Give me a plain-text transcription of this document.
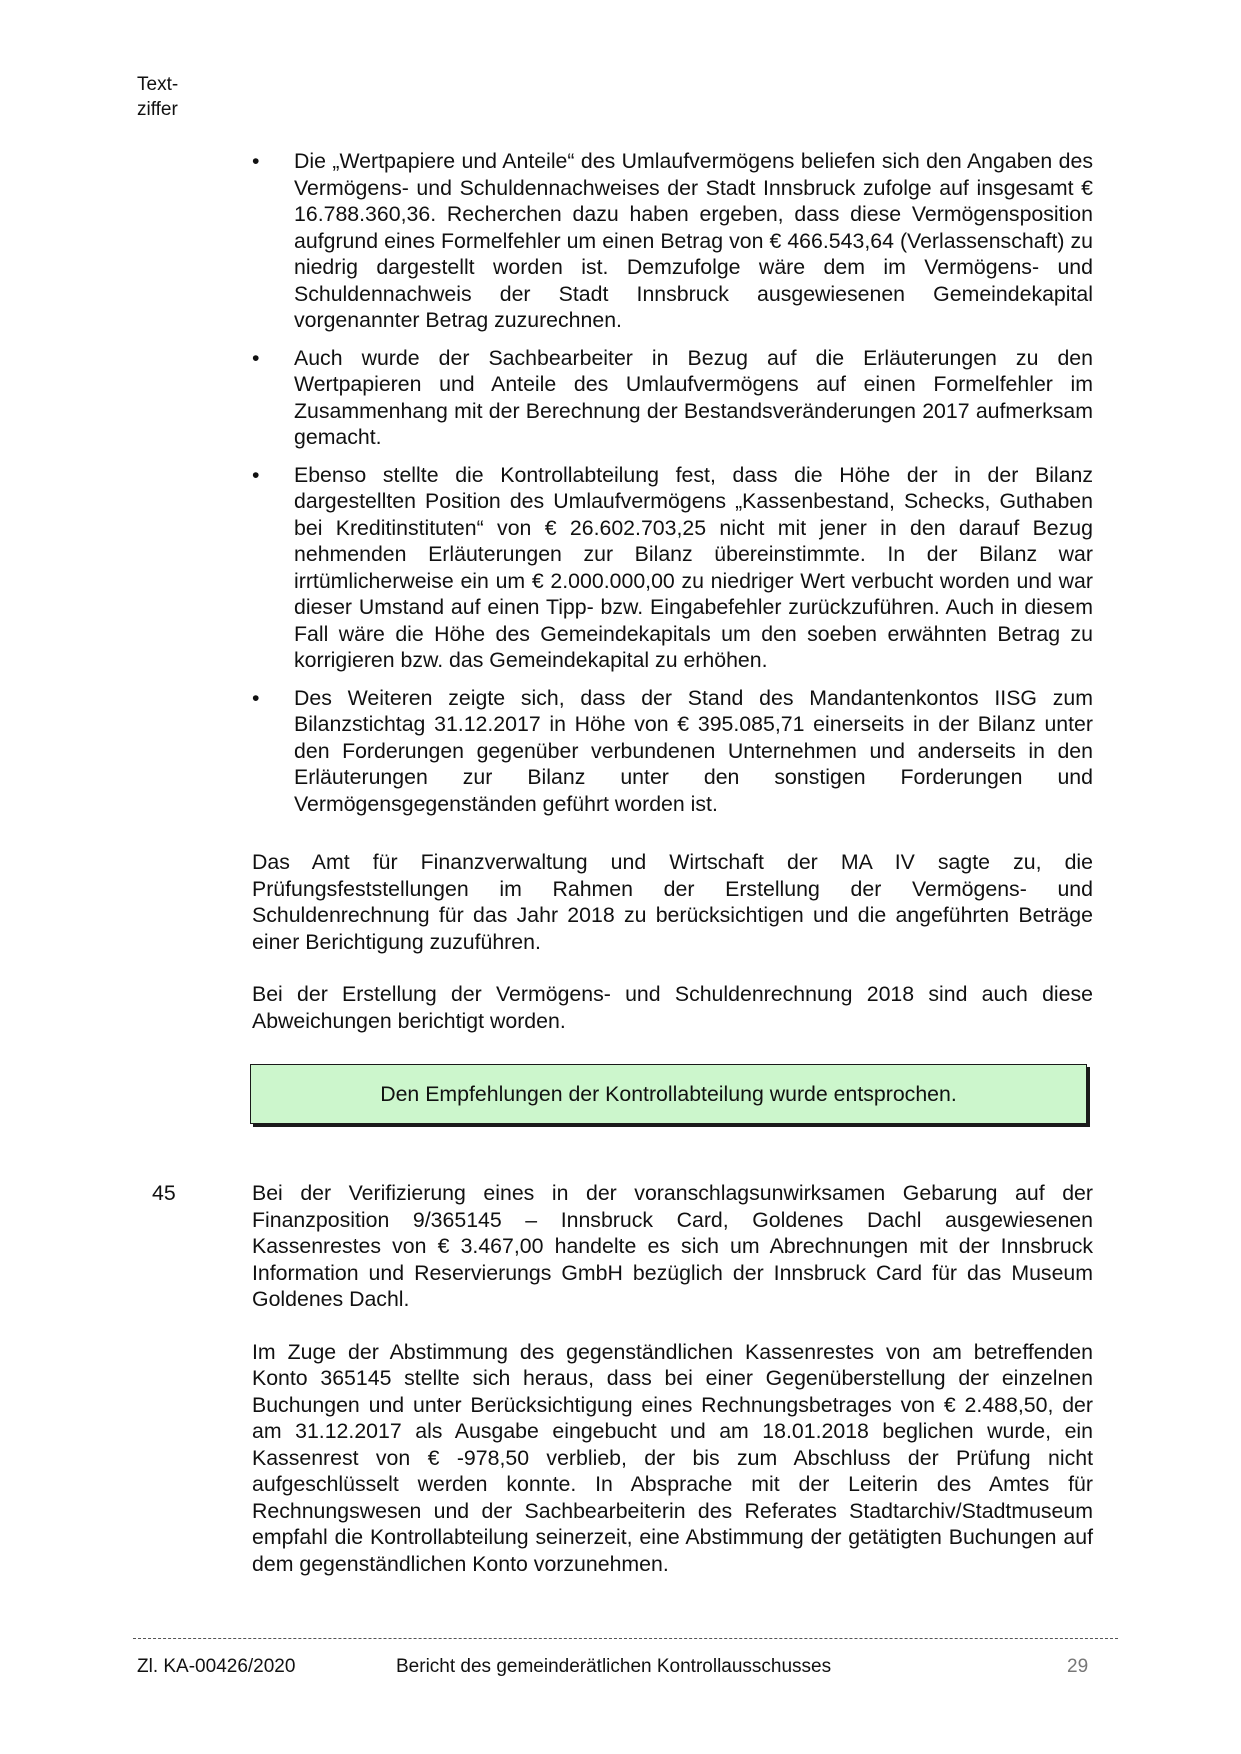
Text-
ziffer
• Die „Wertpapiere und Anteile“ des Umlaufvermögens beliefen sich den Angaben des Vermögens- und Schuldennachweises der Stadt Innsbruck zufolge auf insgesamt € 16.788.360,36. Recherchen dazu haben ergeben, dass diese Vermögensposition aufgrund eines Formelfehler um einen Betrag von € 466.543,64 (Verlassenschaft) zu niedrig dargestellt worden ist. Demzufolge wäre dem im Vermögens- und Schuldennachweis der Stadt Innsbruck ausgewiesenen Gemeindekapital vorgenannter Betrag zuzurechnen.
• Auch wurde der Sachbearbeiter in Bezug auf die Erläuterungen zu den Wertpapieren und Anteile des Umlaufvermögens auf einen Formelfehler im Zusammenhang mit der Berechnung der Bestandsveränderungen 2017 aufmerksam gemacht.
• Ebenso stellte die Kontrollabteilung fest, dass die Höhe der in der Bilanz dargestellten Position des Umlaufvermögens „Kassenbestand, Schecks, Guthaben bei Kreditinstituten“ von € 26.602.703,25 nicht mit jener in den darauf Bezug nehmenden Erläuterungen zur Bilanz übereinstimmte. In der Bilanz war irrtümlicherweise ein um € 2.000.000,00 zu niedriger Wert verbucht worden und war dieser Umstand auf einen Tipp- bzw. Eingabefehler zurückzuführen. Auch in diesem Fall wäre die Höhe des Gemeindekapitals um den soeben erwähnten Betrag zu korrigieren bzw. das Gemeindekapital zu erhöhen.
• Des Weiteren zeigte sich, dass der Stand des Mandantenkontos IISG zum Bilanzstichtag 31.12.2017 in Höhe von € 395.085,71 einerseits in der Bilanz unter den Forderungen gegenüber verbundenen Unternehmen und anderseits in den Erläuterungen zur Bilanz unter den sonstigen Forderungen und Vermögensgegenständen geführt worden ist.

Das Amt für Finanzverwaltung und Wirtschaft der MA IV sagte zu, die Prüfungsfeststellungen im Rahmen der Erstellung der Vermögens- und Schuldenrechnung für das Jahr 2018 zu berücksichtigen und die angeführten Beträge einer Berichtigung zuzuführen.

Bei der Erstellung der Vermögens- und Schuldenrechnung 2018 sind auch diese Abweichungen berichtigt worden.

Den Empfehlungen der Kontrollabteilung wurde entsprochen.
45	Bei der Verifizierung eines in der voranschlagsunwirksamen Gebarung auf der Finanzposition 9/365145 – Innsbruck Card, Goldenes Dachl ausgewiesenen Kassenrestes von € 3.467,00 handelte es sich um Abrechnungen mit der Innsbruck Information und Reservierungs GmbH bezüglich der Innsbruck Card für das Museum Goldenes Dachl.

Im Zuge der Abstimmung des gegenständlichen Kassenrestes von am betreffenden Konto 365145 stellte sich heraus, dass bei einer Gegenüberstellung der einzelnen Buchungen und unter Berücksichtigung eines Rechnungsbetrages von € 2.488,50, der am 31.12.2017 als Ausgabe eingebucht und am 18.01.2018 beglichen wurde, ein Kassenrest von € -978,50 verblieb, der bis zum Abschluss der Prüfung nicht aufgeschlüsselt werden konnte. In Absprache mit der Leiterin des Amtes für Rechnungswesen und der Sachbearbeiterin des Referates Stadtarchiv/Stadtmuseum empfahl die Kontrollabteilung seinerzeit, eine Abstimmung der getätigten Buchungen auf dem gegenständlichen Konto vorzunehmen.

Zl. KA-00426/2020	Bericht des gemeinderätlichen Kontrollausschusses	29
